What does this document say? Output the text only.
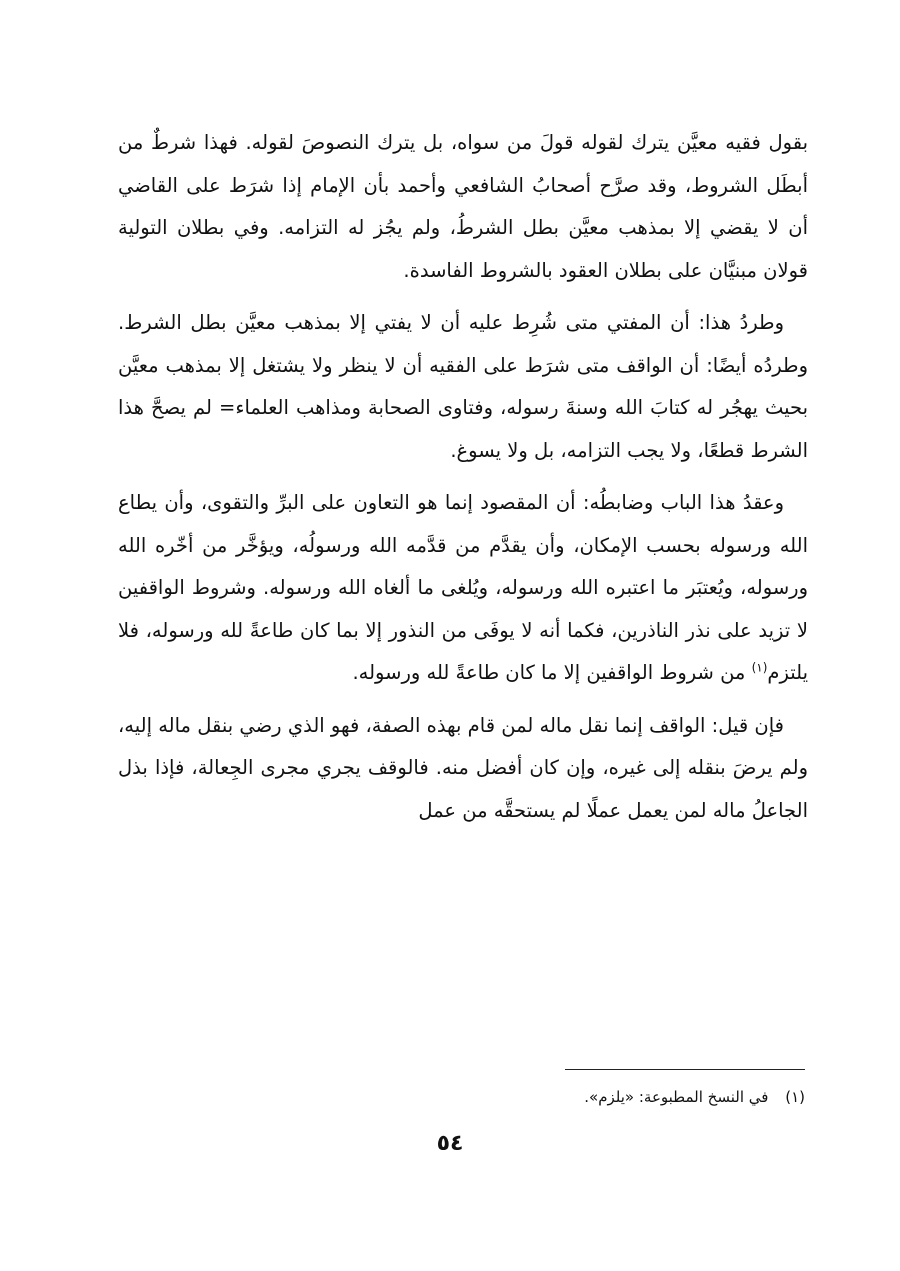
بقول فقيه معيَّن يترك لقوله قولَ من سواه، بل يترك النصوصَ لقوله. فهذا شرطٌ من أبطَل الشروط، وقد صرَّح أصحابُ الشافعي وأحمد بأن الإمام إذا شرَط على القاضي أن لا يقضي إلا بمذهب معيَّن بطل الشرطُ، ولم يجُز له التزامه. وفي بطلان التولية قولان مبنيَّان على بطلان العقود بالشروط الفاسدة.

وطردُ هذا: أن المفتي متى شُرِط عليه أن لا يفتي إلا بمذهب معيَّن بطل الشرط. وطردُه أيضًا: أن الواقف متى شرَط على الفقيه أن لا ينظر ولا يشتغل إلا بمذهب معيَّن بحيث يهجُر له كتابَ الله وسنةَ رسوله، وفتاوى الصحابة ومذاهب العلماء= لم يصحَّ هذا الشرط قطعًا، ولا يجب التزامه، بل ولا يسوغ.

وعقدُ هذا الباب وضابطُه: أن المقصود إنما هو التعاون على البرِّ والتقوى، وأن يطاع الله ورسوله بحسب الإمكان، وأن يقدَّم من قدَّمه الله ورسولُه، ويؤخَّر من أخّره الله ورسوله، ويُعتبَر ما اعتبره الله ورسوله، ويُلغى ما ألغاه الله ورسوله. وشروط الواقفين لا تزيد على نذر الناذرين، فكما أنه لا يوفَى من النذور إلا بما كان طاعةً لله ورسوله، فلا يلتزم$^{(١)}$ من شروط الواقفين إلا ما كان طاعةً لله ورسوله.

فإن قيل: الواقف إنما نقل ماله لمن قام بهذه الصفة، فهو الذي رضي بنقل ماله إليه، ولم يرضَ بنقله إلى غيره، وإن كان أفضل منه. فالوقف يجري مجرى الجِعالة، فإذا بذل الجاعلُ ماله لمن يعمل عملًا لم يستحقَّه من عمل

(١) في النسخ المطبوعة: «يلزم».
٥٤
